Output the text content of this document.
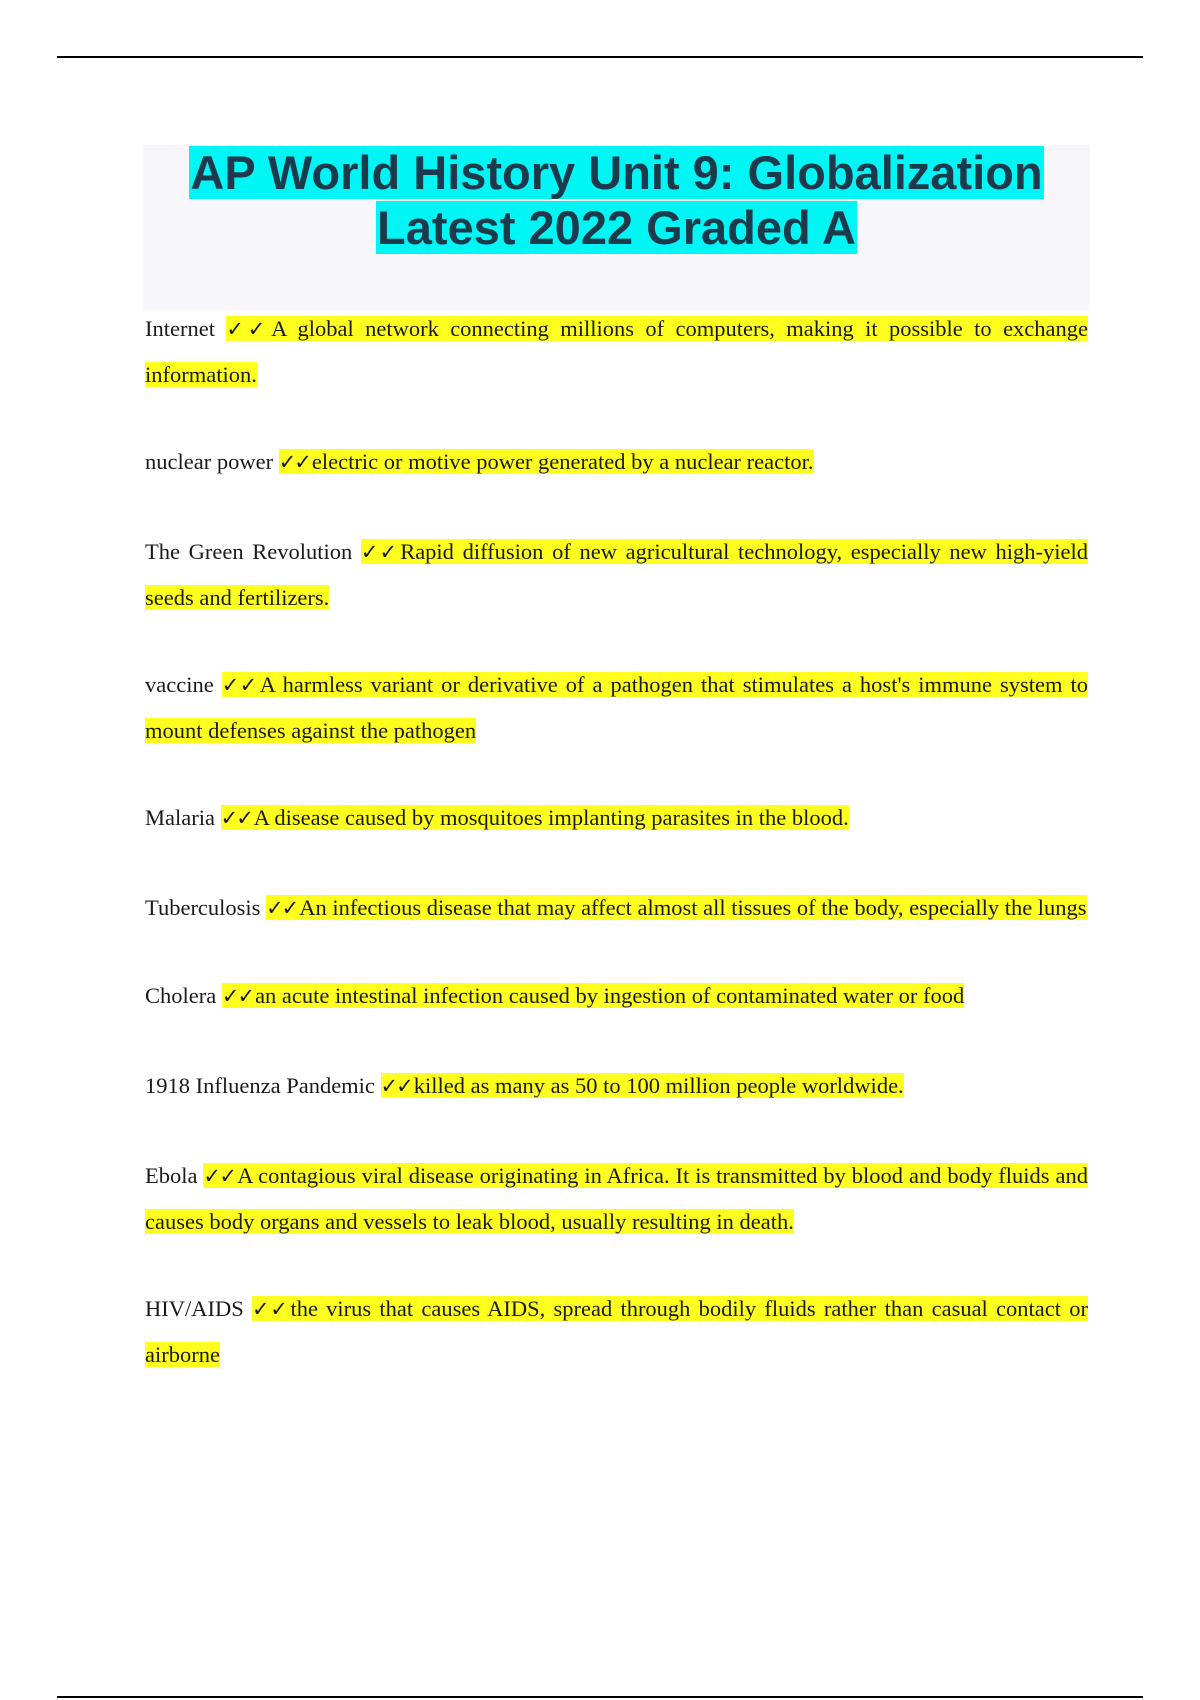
AP World History Unit 9: Globalization
Latest 2022 Graded A

Internet ✓✓A global network connecting millions of computers, making it possible to exchange information.

nuclear power ✓✓electric or motive power generated by a nuclear reactor.

The Green Revolution ✓✓Rapid diffusion of new agricultural technology, especially new high-yield seeds and fertilizers.

vaccine ✓✓A harmless variant or derivative of a pathogen that stimulates a host's immune system to mount defenses against the pathogen

Malaria ✓✓A disease caused by mosquitoes implanting parasites in the blood.

Tuberculosis ✓✓An infectious disease that may affect almost all tissues of the body, especially the lungs

Cholera ✓✓an acute intestinal infection caused by ingestion of contaminated water or food

1918 Influenza Pandemic ✓✓killed as many as 50 to 100 million people worldwide.

Ebola ✓✓A contagious viral disease originating in Africa. It is transmitted by blood and body fluids and causes body organs and vessels to leak blood, usually resulting in death.

HIV/AIDS ✓✓the virus that causes AIDS, spread through bodily fluids rather than casual contact or airborne
